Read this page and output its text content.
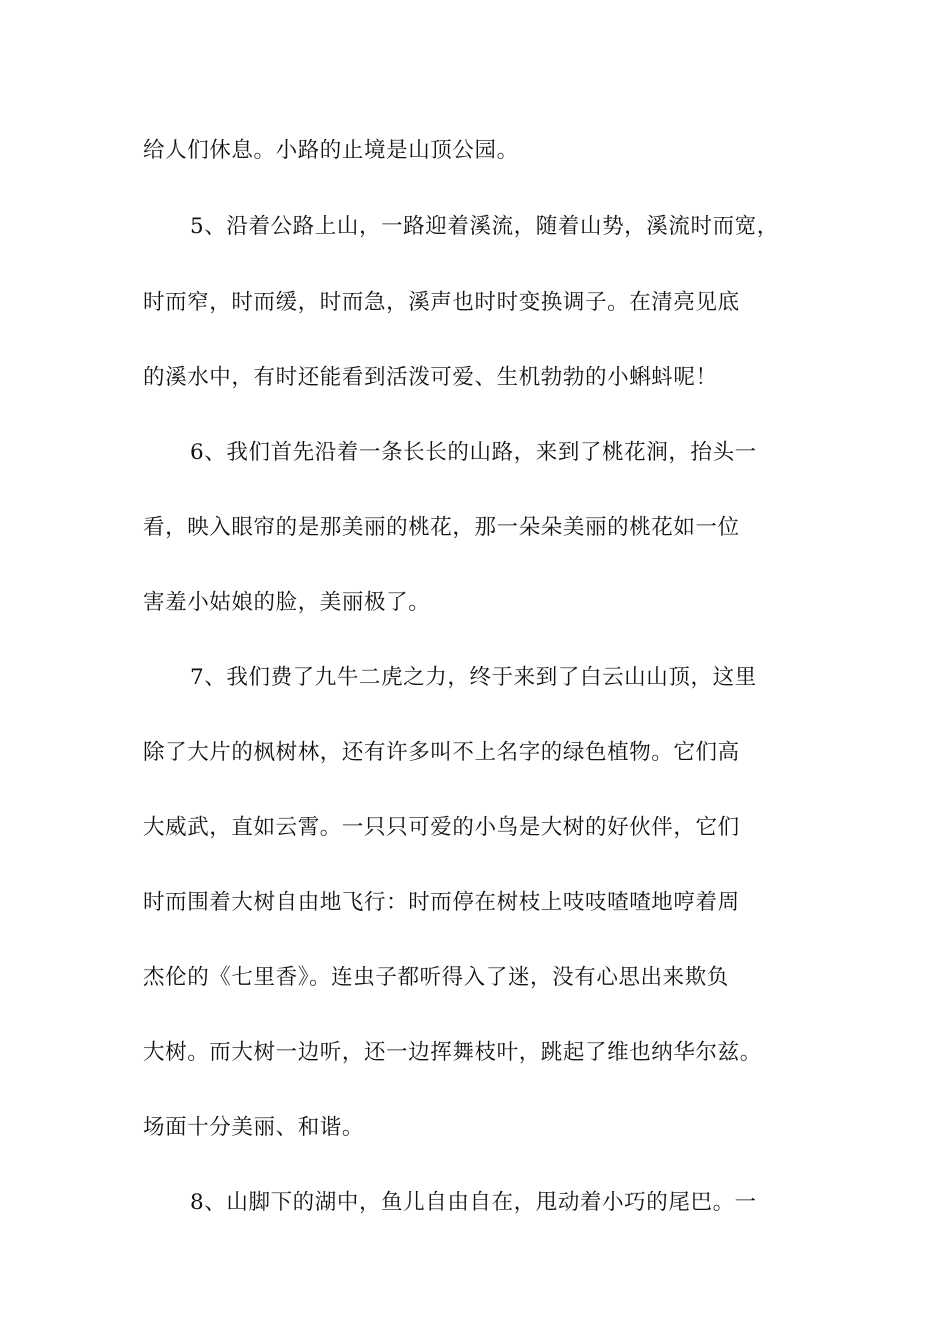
给人们休息。小路的止境是山顶公园。
5、沿着公路上山，一路迎着溪流，随着山势，溪流时而宽，
时而窄，时而缓，时而急，溪声也时时变换调子。在清亮见底
的溪水中，有时还能看到活泼可爱、生机勃勃的小蝌蚪呢！
6、我们首先沿着一条长长的山路，来到了桃花涧，抬头一
看，映入眼帘的是那美丽的桃花，那一朵朵美丽的桃花如一位
害羞小姑娘的脸，美丽极了。
7、我们费了九牛二虎之力，终于来到了白云山山顶，这里
除了大片的枫树林，还有许多叫不上名字的绿色植物。它们高
大威武，直如云霄。一只只可爱的小鸟是大树的好伙伴，它们
时而围着大树自由地飞行：时而停在树枝上吱吱喳喳地哼着周
杰伦的《七里香》。连虫子都听得入了迷，没有心思出来欺负
大树。而大树一边听，还一边挥舞枝叶，跳起了维也纳华尔兹。
场面十分美丽、和谐。
8、山脚下的湖中，鱼儿自由自在，甩动着小巧的尾巴。一
